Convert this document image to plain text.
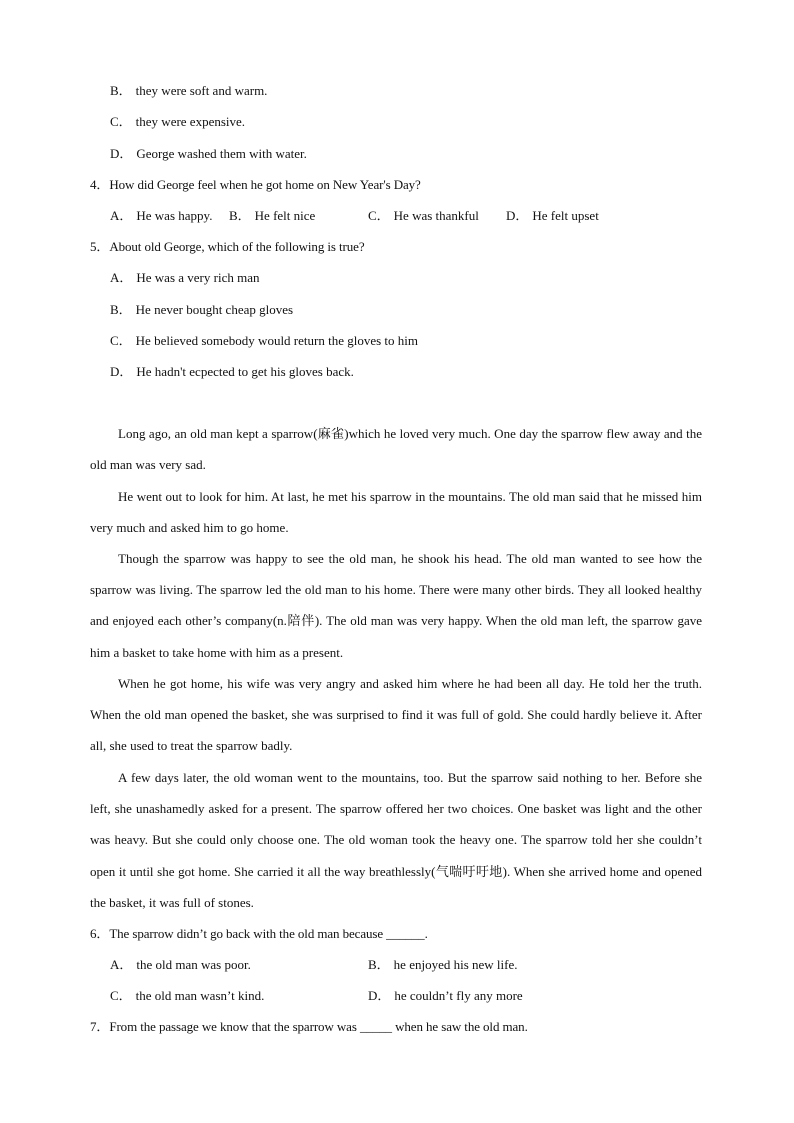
B． they were soft and warm.
C． they were expensive.
D． George washed them with water.
4．How did George feel when he got home on New Year's Day?
A． He was happy. B． He felt nice	C． He was thankful D． He felt upset
5．About old George, which of the following is true?
A． He was a very rich man
B． He never bought cheap gloves
C． He believed somebody would return the gloves to him
D． He hadn't ecpected to get his gloves back.

Long ago, an old man kept a sparrow(麻雀)which he loved very much. One day the sparrow flew away and the old man was very sad.

He went out to look for him. At last, he met his sparrow in the mountains. The old man said that he missed him very much and asked him to go home.

Though the sparrow was happy to see the old man, he shook his head. The old man wanted to see how the sparrow was living. The sparrow led the old man to his home. There were many other birds. They all looked healthy and enjoyed each other’s company(n.陪伴). The old man was very happy. When the old man left, the sparrow gave him a basket to take home with him as a present.

When he got home, his wife was very angry and asked him where he had been all day. He told her the truth. When the old man opened the basket, she was surprised to find it was full of gold. She could hardly believe it. After all, she used to treat the sparrow badly.

A few days later, the old woman went to the mountains, too. But the sparrow said nothing to her. Before she left, she unashamedly asked for a present. The sparrow offered her two choices. One basket was light and the other was heavy. But she could only choose one. The old woman took the heavy one. The sparrow told her she couldn’t open it until she got home. She carried it all the way breathlessly(气喘吁吁地). When she arrived home and opened the basket, it was full of stones.

6．The sparrow didn’t go back with the old man because ______.
A． the old man was poor.	B． he enjoyed his new life.
C． the old man wasn’t kind.	D． he couldn’t fly any more
7．From the passage we know that the sparrow was _____ when he saw the old man.
